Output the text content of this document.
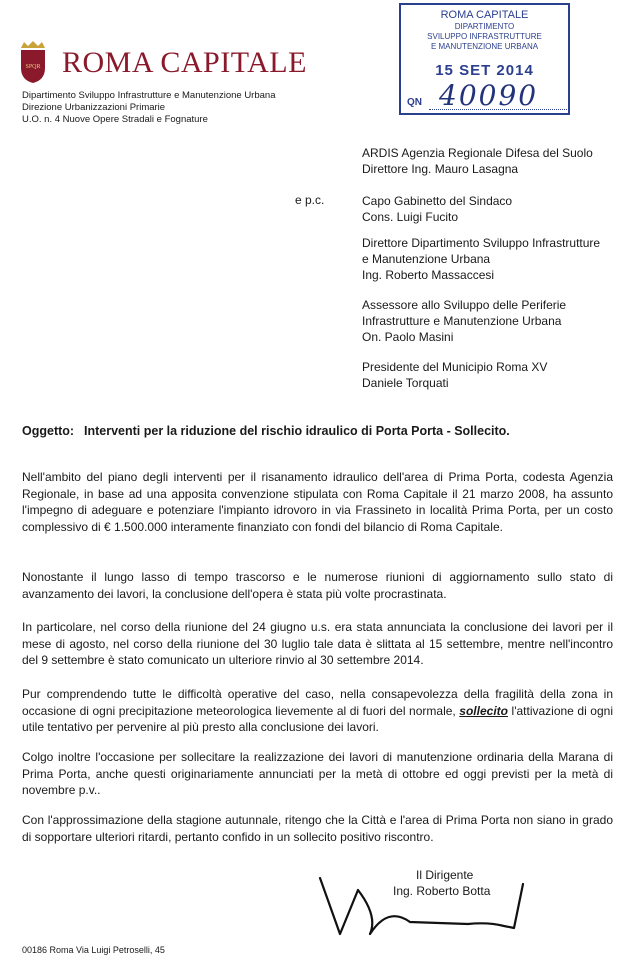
SPQR ROMA CAPITALE
Dipartimento Sviluppo Infrastrutture e Manutenzione Urbana
Direzione Urbanizzazioni Primarie
U.O. n. 4 Nuove Opere Stradali e Fognature
ROMA CAPITALE
DIPARTIMENTO
SVILUPPO INFRASTRUTTURE
E MANUTENZIONE URBANA
15 SET 2014
40090
QN
ARDIS Agenzia Regionale Difesa del Suolo
Direttore Ing. Mauro Lasagna
e p.c.	Capo Gabinetto del Sindaco
Cons. Luigi Fucito
Direttore Dipartimento Sviluppo Infrastrutture
e Manutenzione Urbana
Ing. Roberto Massaccesi
Assessore allo Sviluppo delle Periferie
Infrastrutture e Manutenzione Urbana
On. Paolo Masini
Presidente del Municipio Roma XV
Daniele Torquati
Oggetto: Interventi per la riduzione del rischio idraulico di Porta Porta - Sollecito.
Nell'ambito del piano degli interventi per il risanamento idraulico dell'area di Prima Porta, codesta Agenzia Regionale, in base ad una apposita convenzione stipulata con Roma Capitale il 21 marzo 2008, ha assunto l'impegno di adeguare e potenziare l'impianto idrovoro in via Frassineto in località Prima Porta, per un costo complessivo di € 1.500.000 interamente finanziato con fondi del bilancio di Roma Capitale.
Nonostante il lungo lasso di tempo trascorso e le numerose riunioni di aggiornamento sullo stato di avanzamento dei lavori, la conclusione dell'opera è stata più volte procrastinata.
In particolare, nel corso della riunione del 24 giugno u.s. era stata annunciata la conclusione dei lavori per il mese di agosto, nel corso della riunione del 30 luglio tale data è slittata al 15 settembre, mentre nell'incontro del 9 settembre è stato comunicato un ulteriore rinvio al 30 settembre 2014.
Pur comprendendo tutte le difficoltà operative del caso, nella consapevolezza della fragilità della zona in occasione di ogni precipitazione meteorologica lievemente al di fuori del normale, sollecito l'attivazione di ogni utile tentativo per pervenire al più presto alla conclusione dei lavori.
Colgo inoltre l'occasione per sollecitare la realizzazione dei lavori di manutenzione ordinaria della Marana di Prima Porta, anche questi originariamente annunciati per la metà di ottobre ed oggi previsti per la metà di novembre p.v..
Con l'approssimazione della stagione autunnale, ritengo che la Città e l'area di Prima Porta non siano in grado di sopportare ulteriori ritardi, pertanto confido in un sollecito positivo riscontro.
Il Dirigente
Ing. Roberto Botta
00186 Roma Via Luigi Petroselli, 45
